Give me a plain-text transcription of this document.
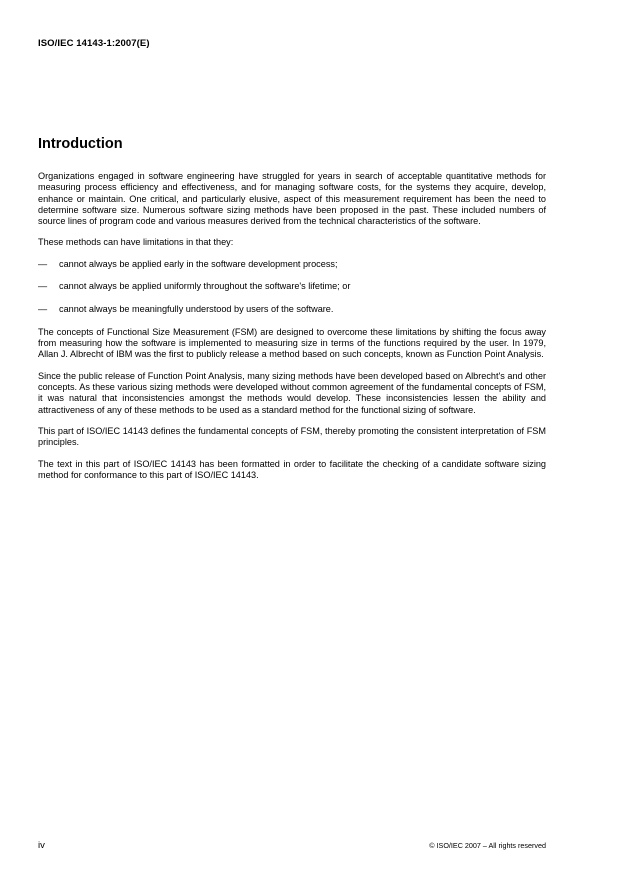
ISO/IEC 14143-1:2007(E)
Introduction

Organizations engaged in software engineering have struggled for years in search of acceptable quantitative methods for measuring process efficiency and effectiveness, and for managing software costs, for the systems they acquire, develop, enhance or maintain. One critical, and particularly elusive, aspect of this measurement requirement has been the need to determine software size. Numerous software sizing methods have been proposed in the past. These included numbers of source lines of program code and various measures derived from the technical characteristics of the software.

These methods can have limitations in that they:

—	cannot always be applied early in the software development process;
—	cannot always be applied uniformly throughout the software's lifetime; or
—	cannot always be meaningfully understood by users of the software.

The concepts of Functional Size Measurement (FSM) are designed to overcome these limitations by shifting the focus away from measuring how the software is implemented to measuring size in terms of the functions required by the user. In 1979, Allan J. Albrecht of IBM was the first to publicly release a method based on such concepts, known as Function Point Analysis.

Since the public release of Function Point Analysis, many sizing methods have been developed based on Albrecht's and other concepts. As these various sizing methods were developed without common agreement of the fundamental concepts of FSM, it was natural that inconsistencies amongst the methods would develop. These inconsistencies lessen the ability and attractiveness of any of these methods to be used as a standard method for the functional sizing of software.

This part of ISO/IEC 14143 defines the fundamental concepts of FSM, thereby promoting the consistent interpretation of FSM principles.

The text in this part of ISO/IEC 14143 has been formatted in order to facilitate the checking of a candidate software sizing method for conformance to this part of ISO/IEC 14143.

iv	© ISO/IEC 2007 – All rights reserved
